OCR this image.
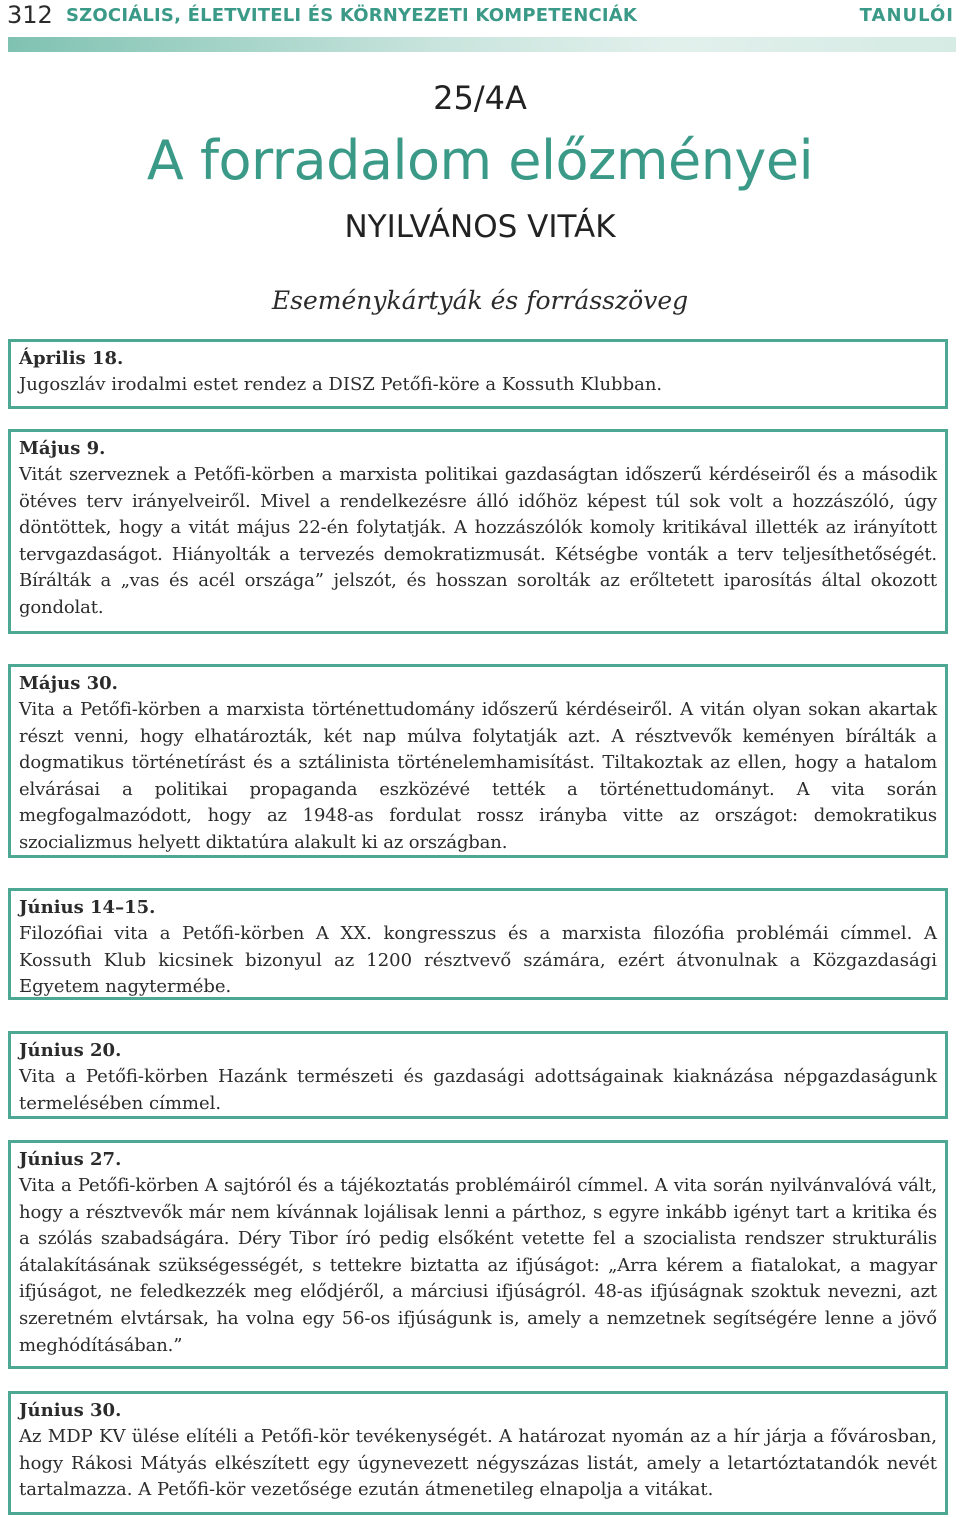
312 SZOCIÁLIS, ÉLETVITELI ÉS KÖRNYEZETI KOMPETENCIÁK	TANULÓI
25/4A
A forradalom előzményei
NYILVÁNOS VITÁK
Eseménykártyák és forrásszöveg
Április 18.
Jugoszláv irodalmi estet rendez a DISZ Petőfi-köre a Kossuth Klubban.
Május 9.
Vitát szerveznek a Petőfi-körben a marxista politikai gazdaságtan időszerű kérdéseiről és a második ötéves terv irányelveiről. Mivel a rendelkezésre álló időhöz képest túl sok volt a hozzászóló, úgy döntöttek, hogy a vitát május 22-én folytatják. A hozzászólók komoly kritikával illették az irányított tervgazdaságot. Hiányolták a tervezés demokratizmusát. Kétségbe vonták a terv teljesíthetőségét. Bírálták a „vas és acél országa” jelszót, és hosszan sorolták az erőltetett iparosítás által okozott gondolat.
Május 30.
Vita a Petőfi-körben a marxista történettudomány időszerű kérdéseiről. A vitán olyan sokan akartak részt venni, hogy elhatározták, két nap múlva folytatják azt. A résztvevők keményen bírálták a dogmatikus történetírást és a sztálinista történelemhamisítást. Tiltakoztak az ellen, hogy a hatalom elvárásai a politikai propaganda eszközévé tették a történettudományt. A vita során megfogalmazódott, hogy az 1948-as fordulat rossz irányba vitte az országot: demokratikus szocializmus helyett diktatúra alakult ki az országban.
Június 14–15.
Filozófiai vita a Petőfi-körben A XX. kongresszus és a marxista filozófia problémái címmel. A Kossuth Klub kicsinek bizonyul az 1200 résztvevő számára, ezért átvonulnak a Közgazdasági Egyetem nagytermébe.
Június 20.
Vita a Petőfi-körben Hazánk természeti és gazdasági adottságainak kiaknázása népgazdaságunk termelésében címmel.
Június 27.
Vita a Petőfi-körben A sajtóról és a tájékoztatás problémáiról címmel. A vita során nyilvánvalóvá vált, hogy a résztvevők már nem kívánnak lojálisak lenni a párthoz, s egyre inkább igényt tart a kritika és a szólás szabadságára. Déry Tibor író pedig elsőként vetette fel a szocialista rendszer strukturális átalakításának szükségességét, s tettekre biztatta az ifjúságot: „Arra kérem a fiatalokat, a magyar ifjúságot, ne feledkezzék meg elődjéről, a márciusi ifjúságról. 48-as ifjúságnak szoktuk nevezni, azt szeretném elvtársak, ha volna egy 56-os ifjúságunk is, amely a nemzetnek segítségére lenne a jövő meghódításában.”
Június 30.
Az MDP KV ülése elítéli a Petőfi-kör tevékenységét. A határozat nyomán az a hír járja a fővárosban, hogy Rákosi Mátyás elkészített egy úgynevezett négyszázas listát, amely a letartóztatandók nevét tartalmazza. A Petőfi-kör vezetősége ezután átmenetileg elnapolja a vitákat.
